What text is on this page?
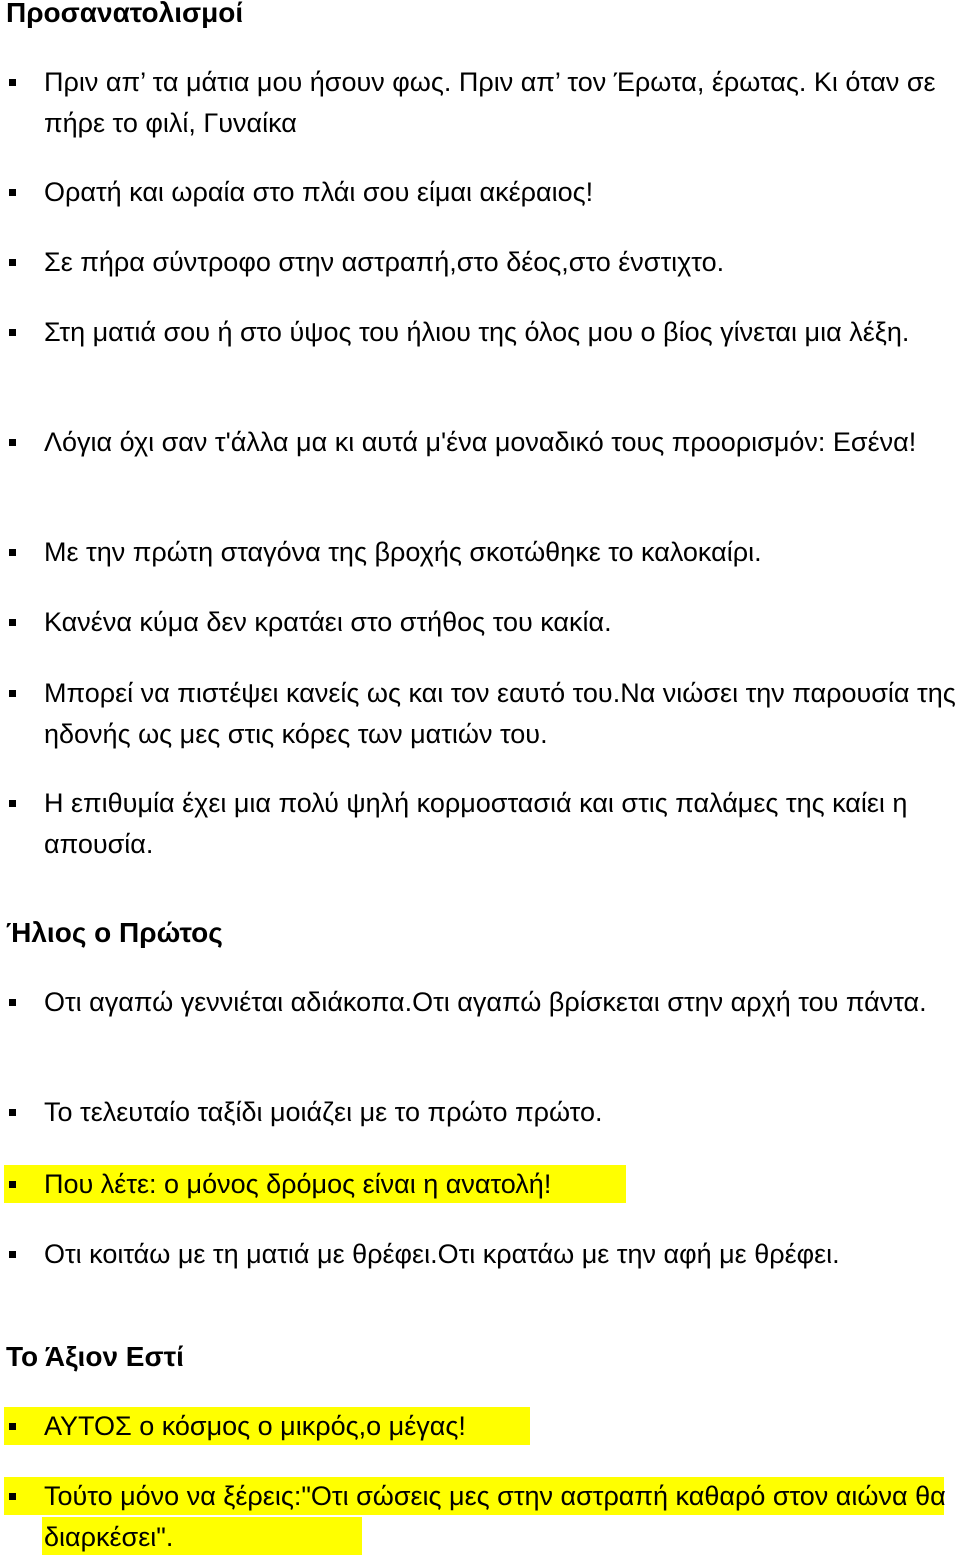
Προσανατολισμοί

Πριν απ’ τα μάτια μου ήσουν φως. Πριν απ’ τον Έρωτα, έρωτας. Κι όταν σε πήρε το φιλί, Γυναίκα

Ορατή και ωραία στο πλάι σου είμαι ακέραιος!

Σε πήρα σύντροφο στην αστραπή,στο δέος,στο ένστιχτο.

Στη ματιά σου ή στο ύψος του ήλιου της όλος μου ο βίος γίνεται μια λέξη.

Λόγια όχι σαν τ'άλλα μα κι αυτά μ'ένα μοναδικό τους προορισμόν: Εσένα!

Με την πρώτη σταγόνα της βροχής σκοτώθηκε το καλοκαίρι.

Κανένα κύμα δεν κρατάει στο στήθος του κακία.

Μπορεί να πιστέψει κανείς ως και τον εαυτό του.Να νιώσει την παρουσία της ηδονής ως μες στις κόρες των ματιών του.

Η επιθυμία έχει μια πολύ ψηλή κορμοστασιά και στις παλάμες της καίει η απουσία.

Ήλιος ο Πρώτος

Οτι αγαπώ γεννιέται αδιάκοπα.Οτι αγαπώ βρίσκεται στην αρχή του πάντα.

Το τελευταίο ταξίδι μοιάζει με το πρώτο πρώτο.

Που λέτε: ο μόνος δρόμος είναι η ανατολή!

Οτι κοιτάω με τη ματιά με θρέφει.Οτι κρατάω με την αφή με θρέφει.

Το Άξιον Εστί

ΑΥΤΟΣ ο κόσμος ο μικρός,ο μέγας!

Τούτο μόνο να ξέρεις:"Οτι σώσεις μες στην αστραπή καθαρό στον αιώνα θα διαρκέσει".
